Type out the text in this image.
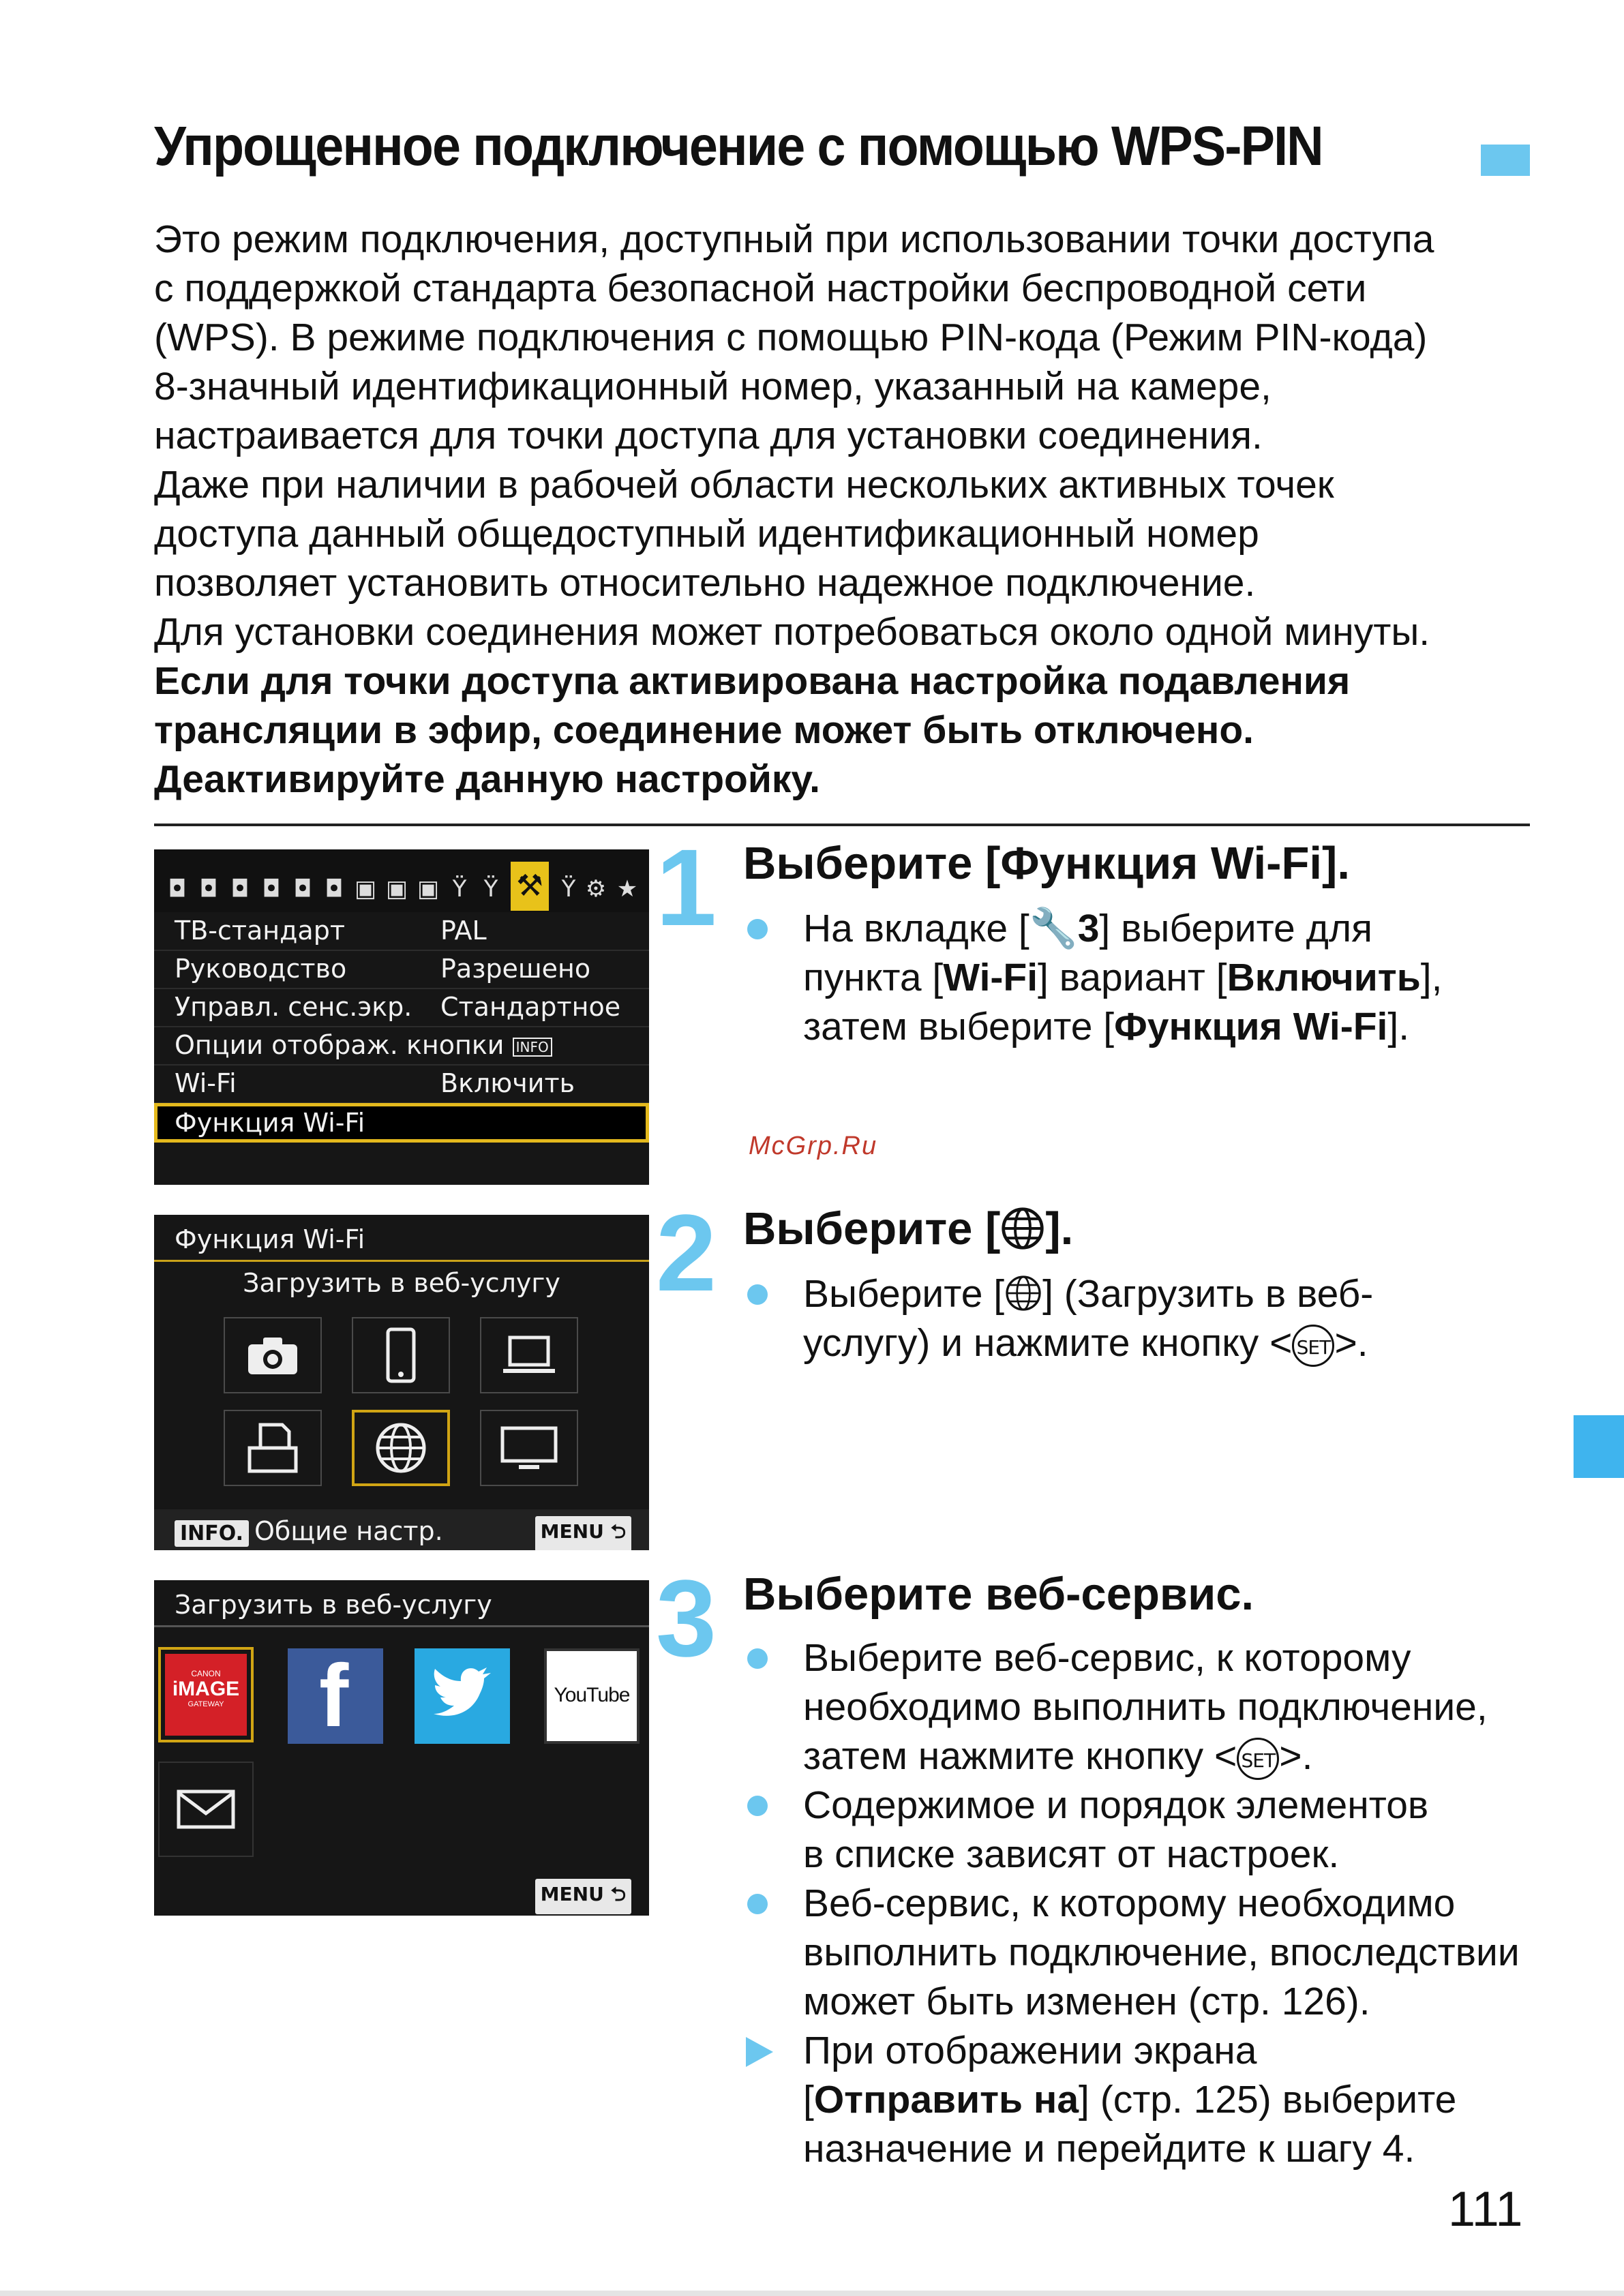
Упрощенное подключение с помощью WPS-PIN

Это режим подключения, доступный при использовании точки доступа

с поддержкой стандарта безопасной настройки беспроводной сети

(WPS). В режиме подключения с помощью PIN-кода (Режим PIN-кода)

8-значный идентификационный номер, указанный на камере,

настраивается для точки доступа для установки соединения.

Даже при наличии в рабочей области нескольких активных точек

доступа данный общедоступный идентификационный номер

позволяет установить относительно надежное подключение.

Для установки соединения может потребоваться около одной минуты.

Если для точки доступа активирована настройка подавления

трансляции в эфир, соединение может быть отключено.

Деактивируйте данную настройку.

◘ ◘ ◘ ◘ ◘ ◘ ▣ ▣ ▣ Ÿ Ÿ ⚒ Ÿ ⚙ ★
ТВ-стандарт	PAL
Руководство	Разрешено
Управл. сенс.экр. Стандартное
Опции отображ. кнопки INFO
Wi-Fi	Включить
Функция Wi-Fi
1 Выберите [Функция Wi-Fi].
На вкладке [🔧3] выберите для
пункта [Wi-Fi] вариант [Включить],
затем выберите [Функция Wi-Fi].
McGrp.Ru
Функция Wi-Fi
Загрузить в веб-услугу
INFO. Общие настр.	MENU ⮌
2 Выберите [ ].
Выберите [ ] (Загрузить в веб-
услугу) и нажмите кнопку < SET >.
Загрузить в веб-услугу
CANON
iMAGE
GATEWAY f	YouTube
MENU ⮌
3 Выберите веб-сервис.
Выберите веб-сервис, к которому
необходимо выполнить подключение,
затем нажмите кнопку < SET >.
Содержимое и порядок элементов
в списке зависят от настроек.
Веб-сервис, к которому необходимо
выполнить подключение, впоследствии
может быть изменен (стр. 126).
При отображении экрана
[Отправить на] (стр. 125) выберите
назначение и перейдите к шагу 4.
111
